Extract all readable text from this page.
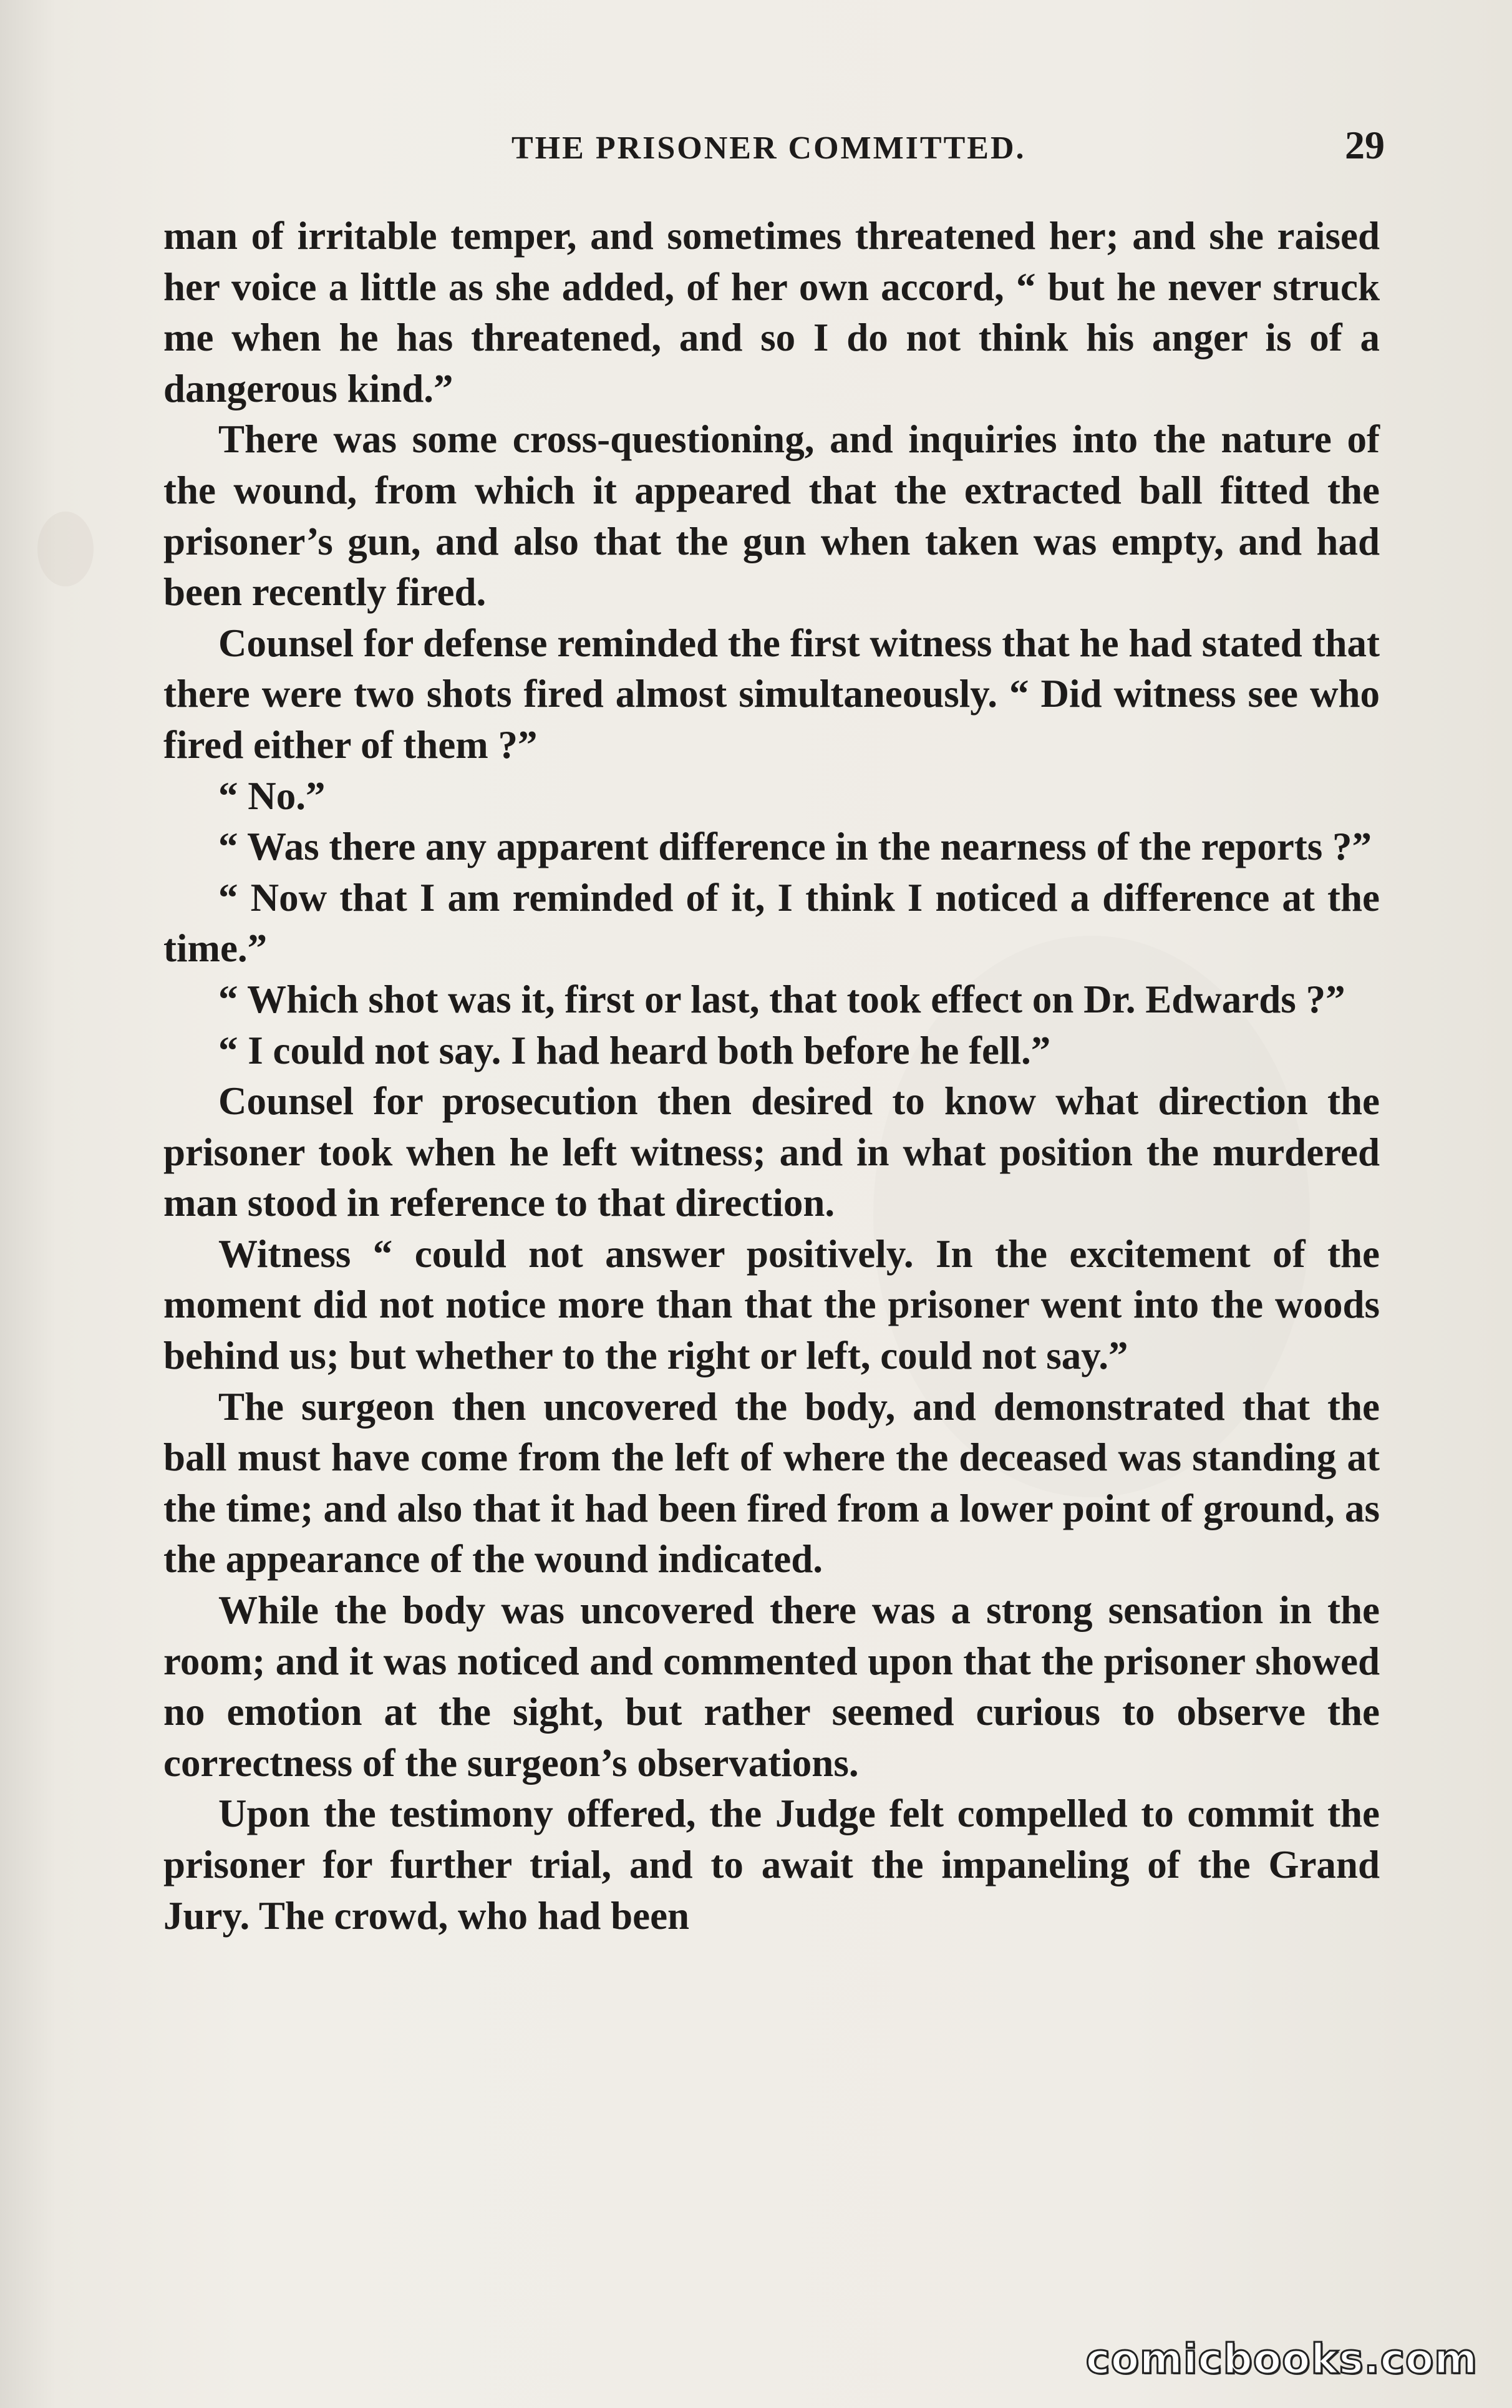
THE PRISONER COMMITTED.	29

man of irritable temper, and sometimes threatened her; and she raised her voice a little as she added, of her own accord, “ but he never struck me when he has threatened, and so I do not think his anger is of a dangerous kind.”

There was some cross-questioning, and inquiries into the nature of the wound, from which it appeared that the extracted ball fitted the prisoner’s gun, and also that the gun when taken was empty, and had been recently fired.

Counsel for defense reminded the first witness that he had stated that there were two shots fired almost simultaneously. “ Did witness see who fired either of them ?”

“ No.”

“ Was there any apparent difference in the nearness of the reports ?”

“ Now that I am reminded of it, I think I noticed a difference at the time.”

“ Which shot was it, first or last, that took effect on Dr. Edwards ?”

“ I could not say. I had heard both before he fell.”

Counsel for prosecution then desired to know what direction the prisoner took when he left witness; and in what position the murdered man stood in reference to that direction.

Witness “ could not answer positively. In the excitement of the moment did not notice more than that the prisoner went into the woods behind us; but whether to the right or left, could not say.”

The surgeon then uncovered the body, and demonstrated that the ball must have come from the left of where the deceased was standing at the time; and also that it had been fired from a lower point of ground, as the appearance of the wound indicated.

While the body was uncovered there was a strong sensation in the room; and it was noticed and commented upon that the prisoner showed no emotion at the sight, but rather seemed curious to observe the correctness of the surgeon’s observations.

Upon the testimony offered, the Judge felt compelled to commit the prisoner for further trial, and to await the impaneling of the Grand Jury. The crowd, who had been

comicbooks.com
